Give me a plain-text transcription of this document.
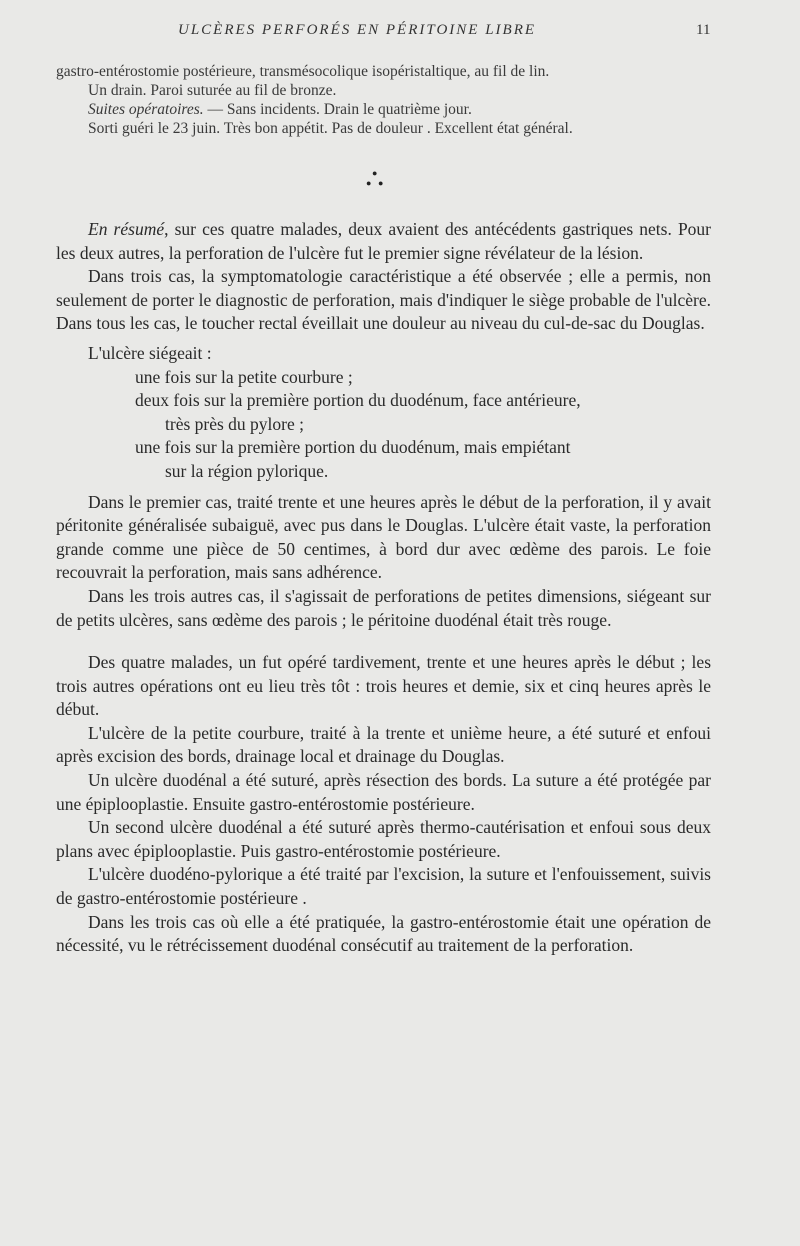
ULCÈRES PERFORÉS EN PÉRITOINE LIBRE	11

gastro-entérostomie postérieure, transmésocolique isopéristaltique, au fil de lin.

Un drain. Paroi suturée au fil de bronze.

Suites opératoires. — Sans incidents. Drain le quatrième jour.

Sorti guéri le 23 juin. Très bon appétit. Pas de douleur . Excellent état général.

●
● ●

En résumé, sur ces quatre malades, deux avaient des antécédents gastriques nets. Pour les deux autres, la perforation de l'ulcère fut le premier signe révélateur de la lésion.

Dans trois cas, la symptomatologie caractéristique a été observée ; elle a permis, non seulement de porter le diagnostic de perforation, mais d'indiquer le siège probable de l'ulcère. Dans tous les cas, le toucher rectal éveillait une douleur au niveau du cul-de-sac du Douglas.

L'ulcère siégeait :

une fois sur la petite courbure ;

deux fois sur la première portion du duodénum, face antérieure,

très près du pylore ;

une fois sur la première portion du duodénum, mais empiétant

sur la région pylorique.

Dans le premier cas, traité trente et une heures après le début de la perforation, il y avait péritonite généralisée subaiguë, avec pus dans le Douglas. L'ulcère était vaste, la perforation grande comme une pièce de 50 centimes, à bord dur avec œdème des parois. Le foie recouvrait la perforation, mais sans adhérence.

Dans les trois autres cas, il s'agissait de perforations de petites dimensions, siégeant sur de petits ulcères, sans œdème des parois ; le péritoine duodénal était très rouge.

Des quatre malades, un fut opéré tardivement, trente et une heures après le début ; les trois autres opérations ont eu lieu très tôt : trois heures et demie, six et cinq heures après le début.

L'ulcère de la petite courbure, traité à la trente et unième heure, a été suturé et enfoui après excision des bords, drainage local et drainage du Douglas.

Un ulcère duodénal a été suturé, après résection des bords. La suture a été protégée par une épiplooplastie. Ensuite gastro-entérostomie postérieure.

Un second ulcère duodénal a été suturé après thermo-cautérisation et enfoui sous deux plans avec épiplooplastie. Puis gastro-entérostomie postérieure.

L'ulcère duodéno-pylorique a été traité par l'excision, la suture et l'enfouissement, suivis de gastro-entérostomie postérieure .

Dans les trois cas où elle a été pratiquée, la gastro-entérostomie était une opération de nécessité, vu le rétrécissement duodénal consécutif au traitement de la perforation.
